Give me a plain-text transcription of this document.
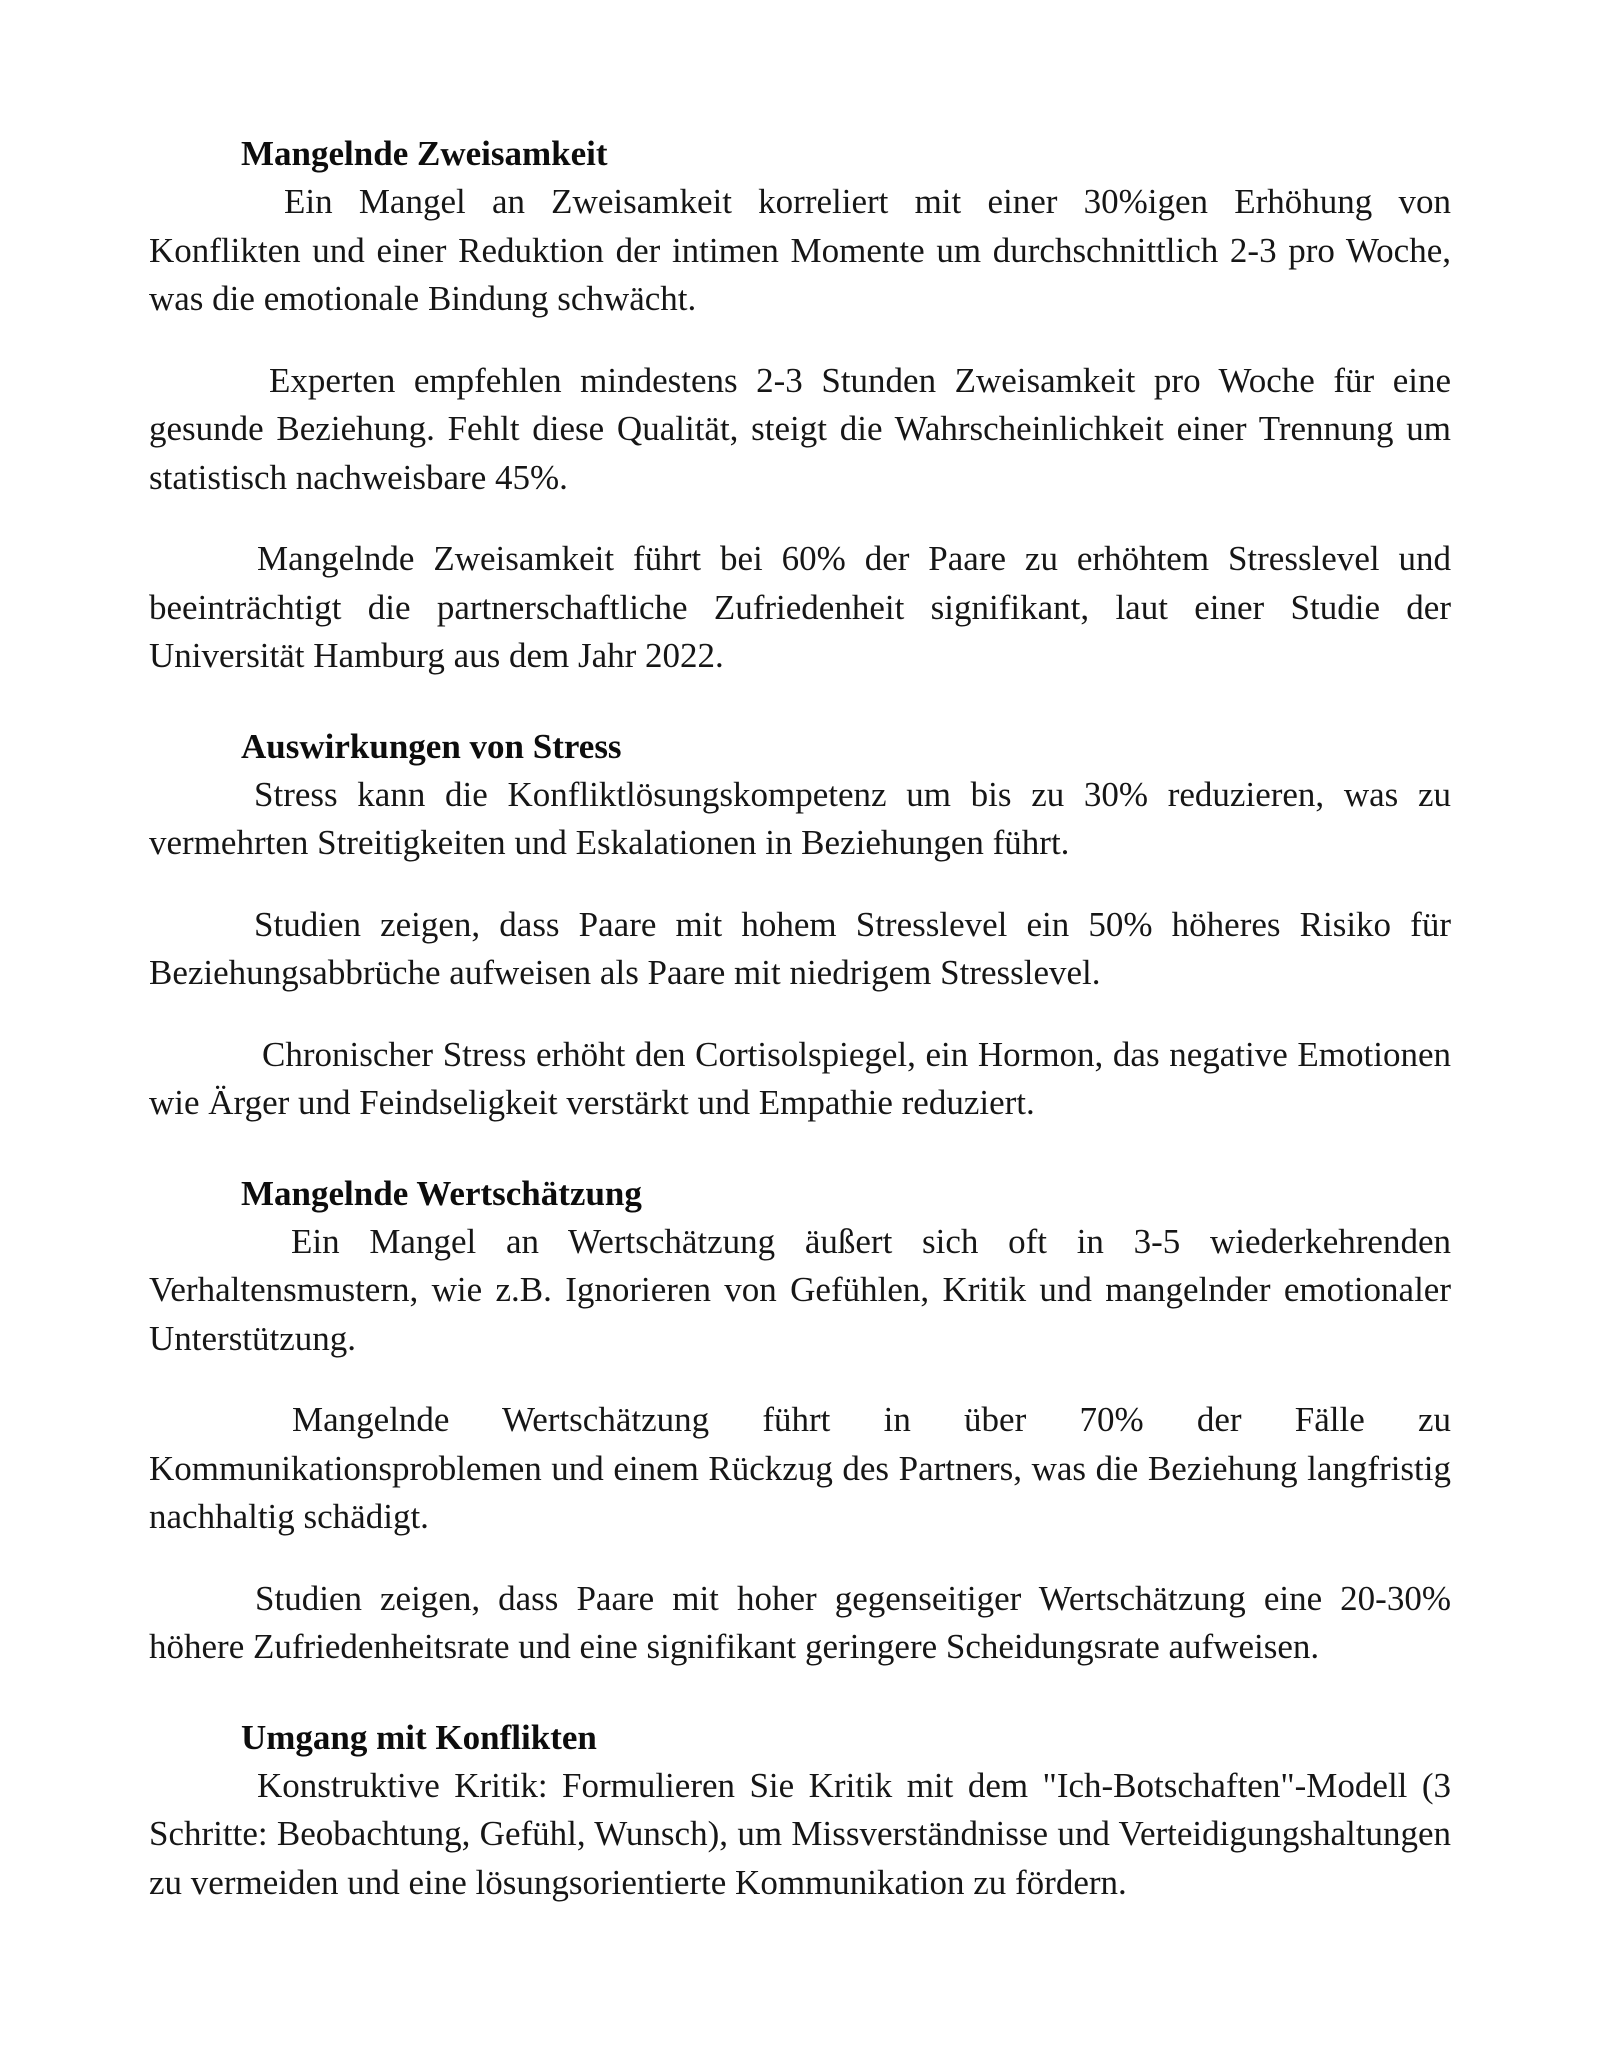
Mangelnde Zweisamkeit

Ein Mangel an Zweisamkeit korreliert mit einer 30%igen Erhöhung von Konflikten und einer Reduktion der intimen Momente um durchschnittlich 2-3 pro Woche, was die emotionale Bindung schwächt.

Experten empfehlen mindestens 2-3 Stunden Zweisamkeit pro Woche für eine gesunde Beziehung. Fehlt diese Qualität, steigt die Wahrscheinlichkeit einer Trennung um statistisch nachweisbare 45%.

Mangelnde Zweisamkeit führt bei 60% der Paare zu erhöhtem Stresslevel und beeinträchtigt die partnerschaftliche Zufriedenheit signifikant, laut einer Studie der Universität Hamburg aus dem Jahr 2022.

Auswirkungen von Stress

Stress kann die Konfliktlösungskompetenz um bis zu 30% reduzieren, was zu vermehrten Streitigkeiten und Eskalationen in Beziehungen führt.

Studien zeigen, dass Paare mit hohem Stresslevel ein 50% höheres Risiko für Beziehungsabbrüche aufweisen als Paare mit niedrigem Stresslevel.

Chronischer Stress erhöht den Cortisolspiegel, ein Hormon, das negative Emotionen wie Ärger und Feindseligkeit verstärkt und Empathie reduziert.

Mangelnde Wertschätzung

Ein Mangel an Wertschätzung äußert sich oft in 3-5 wiederkehrenden Verhaltensmustern, wie z.B. Ignorieren von Gefühlen, Kritik und mangelnder emotionaler Unterstützung.

Mangelnde Wertschätzung führt in über 70% der Fälle zu Kommunikationsproblemen und einem Rückzug des Partners, was die Beziehung langfristig nachhaltig schädigt.

Studien zeigen, dass Paare mit hoher gegenseitiger Wertschätzung eine 20-30% höhere Zufriedenheitsrate und eine signifikant geringere Scheidungsrate aufweisen.

Umgang mit Konflikten

Konstruktive Kritik: Formulieren Sie Kritik mit dem "Ich-Botschaften"-Modell (3 Schritte: Beobachtung, Gefühl, Wunsch), um Missverständnisse und Verteidigungshaltungen zu vermeiden und eine lösungsorientierte Kommunikation zu fördern.
